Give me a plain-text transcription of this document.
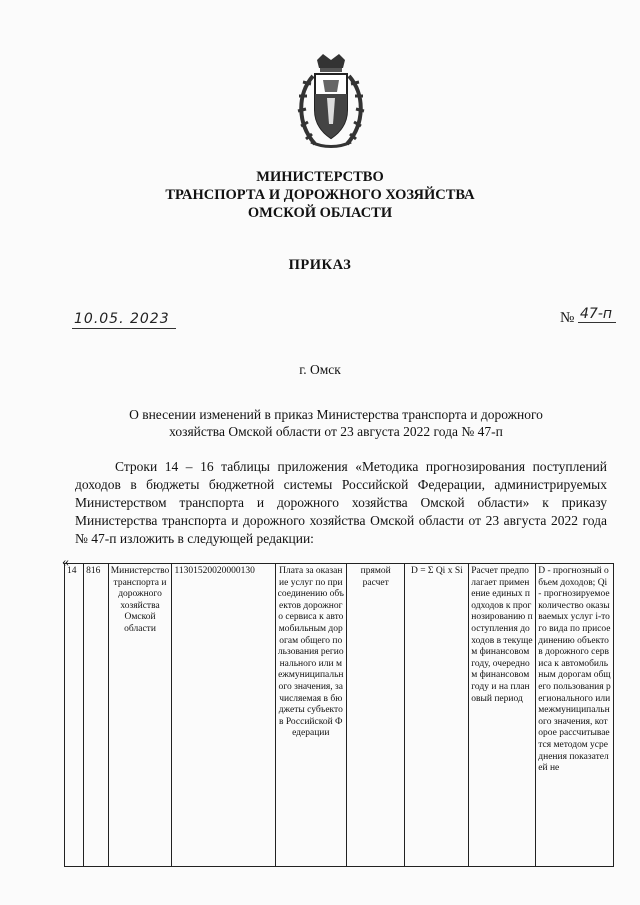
МИНИСТЕРСТВО
ТРАНСПОРТА И ДОРОЖНОГО ХОЗЯЙСТВА
ОМСКОЙ ОБЛАСТИ
ПРИКАЗ
10.05. 2023	№ 47-п
г. Омск
О внесении изменений в приказ Министерства транспорта и дорожного
хозяйства Омской области от 23 августа 2022 года № 47-п
Строки 14 – 16 таблицы приложения «Методика прогнозирования поступлений доходов в бюджеты бюджетной системы Российской Федерации, администрируемых Министерством транспорта и дорожного хозяйства Омской области» к приказу Министерства транспорта и дорожного хозяйства Омской области от 23 августа 2022 года № 47-п изложить в следующей редакции:
«
14	816	Министерство транспорта и дорожного хозяйства Омской области	11301520020000130	Плата за оказание услуг по присоединению объектов дорожного сервиса к автомобильным дорогам общего пользования регионального или межмуниципального значения, зачисляемая в бюджеты субъектов Российской Федерации	прямой расчет	D = Σ Qi x Si	Расчет предполагает применение единых подходов к прогнозированию поступления доходов в текущем финансовом году, очередном финансовом году и на плановый период	D - прогнозный объем доходов; Qi - прогнозируемое количество оказываемых услуг i-того вида по присоединению объектов дорожного сервиса к автомобильным дорогам общего пользования регионального или межмуниципального значения, которое рассчитывается методом усреднения показателей не
